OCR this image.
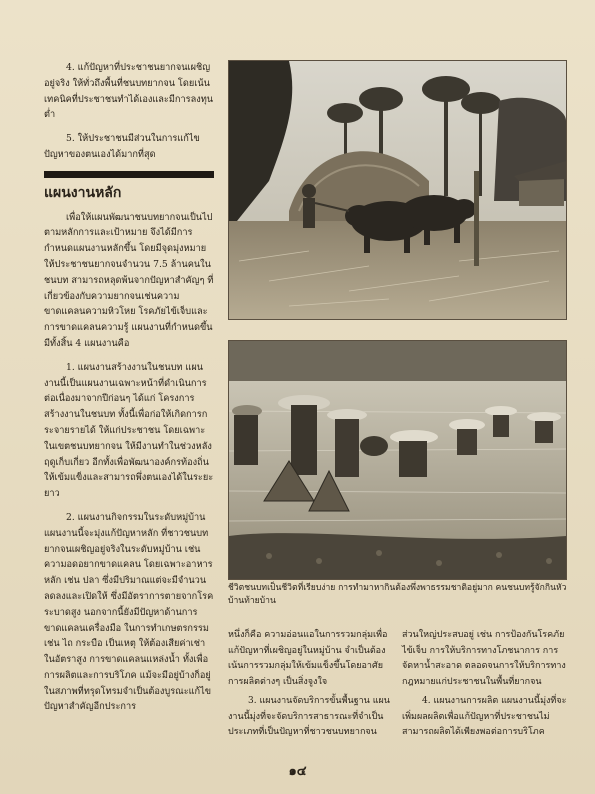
4. แก้ปัญหาที่ประชาชนยากจนเผชิญอยู่จริง ให้ทั่วถึงพื้นที่ชนบทยากจน โดยเน้นเทคนิคที่ประชาชนทำได้เองและมีการลงทุนต่ำ

5. ให้ประชาชนมีส่วนในการแก้ไขปัญหาของตนเองได้มากที่สุด

แผนงานหลัก

เพื่อให้แผนพัฒนาชนบทยากจนเป็นไปตามหลักการและเป้าหมาย จึงได้มีการกำหนดแผนงานหลักขึ้น โดยมีจุดมุ่งหมายให้ประชาชนยากจนจำนวน 7.5 ล้านคนในชนบท สามารถหลุดพ้นจากปัญหาสำคัญๆ ที่เกี่ยวข้องกับความยากจนเช่นความขาดแคลนความหิวโหย โรคภัยไข้เจ็บและการขาดแคลนความรู้ แผนงานที่กำหนดขึ้นมีทั้งสิ้น 4 แผนงานคือ

1. แผนงานสร้างงานในชนบท แผนงานนี้เป็นแผนงานเฉพาะหน้าที่ดำเนินการต่อเนื่องมาจากปีก่อนๆ ได้แก่ โครงการสร้างงานในชนบท ทั้งนี้เพื่อก่อให้เกิดการกระจายรายได้ ให้แก่ประชาชน โดยเฉพาะในเขตชนบทยากจน ให้มีงานทำในช่วงหลังฤดูเก็บเกี่ยว อีกทั้งเพื่อพัฒนาองค์กรท้องถิ่น ให้เข้มแข็งและสามารถพึ่งตนเองได้ในระยะยาว

2. แผนงานกิจกรรมในระดับหมู่บ้าน แผนงานนี้จะมุ่งแก้ปัญหาหลัก ที่ชาวชนบทยากจนเผชิญอยู่จริงในระดับหมู่บ้าน เช่น ความอดอยากขาดแคลน โดยเฉพาะอาหารหลัก เช่น ปลา ซึ่งมีปริมาณแต่จะมีจำนวนลดลงและเปิดให้ ซึ่งมีอัตราการตายจากโรคระบาดสูง นอกจากนี้ยังมีปัญหาด้านการขาดแคลนเครื่องมือ ในการทำเกษตรกรรม เช่น ไถ กระบือ เป็นเหตุ ให้ต้องเสียค่าเช่าในอัตราสูง การขาดแคลนแหล่งน้ำ ทั้งเพื่อการผลิตและการบริโภค แม้จะมีอยู่บ้างก็อยู่ในสภาพที่ทรุดโทรมจำเป็นต้องบูรณะแก้ไข ปัญหาสำคัญอีกประการ

ชีวิตชนบทเป็นชีวิตที่เรียบง่าย การทำมาหากินต้องพึ่งพาธรรมชาติอยู่มาก คนชนบทรู้จักกินหัวบ้านท้ายบ้าน

หนึ่งก็คือ ความอ่อนแอในการรวมกลุ่มเพื่อแก้ปัญหาที่เผชิญอยู่ในหมู่บ้าน จำเป็นต้องเน้นการรวมกลุ่มให้เข้มแข็งขึ้นโดยอาศัยการผลิตต่างๆ เป็นสิ่งจูงใจ

3. แผนงานจัดบริการขั้นพื้นฐาน แผนงานนี้มุ่งที่จะจัดบริการสาธารณะที่จำเป็นประเภทที่เป็นปัญหาที่ชาวชนบทยากจน

ส่วนใหญ่ประสบอยู่ เช่น การป้องกันโรคภัยไข้เจ็บ การให้บริการทางโภชนาการ การจัดหาน้ำสะอาด ตลอดจนการให้บริการทางกฎหมายแก่ประชาชนในพื้นที่ยากจน

4. แผนงานการผลิต แผนงานนี้มุ่งที่จะเพิ่มผลผลิตเพื่อแก้ปัญหาที่ประชาชนไม่สามารถผลิตได้เพียงพอต่อการบริโภค

๑๔
